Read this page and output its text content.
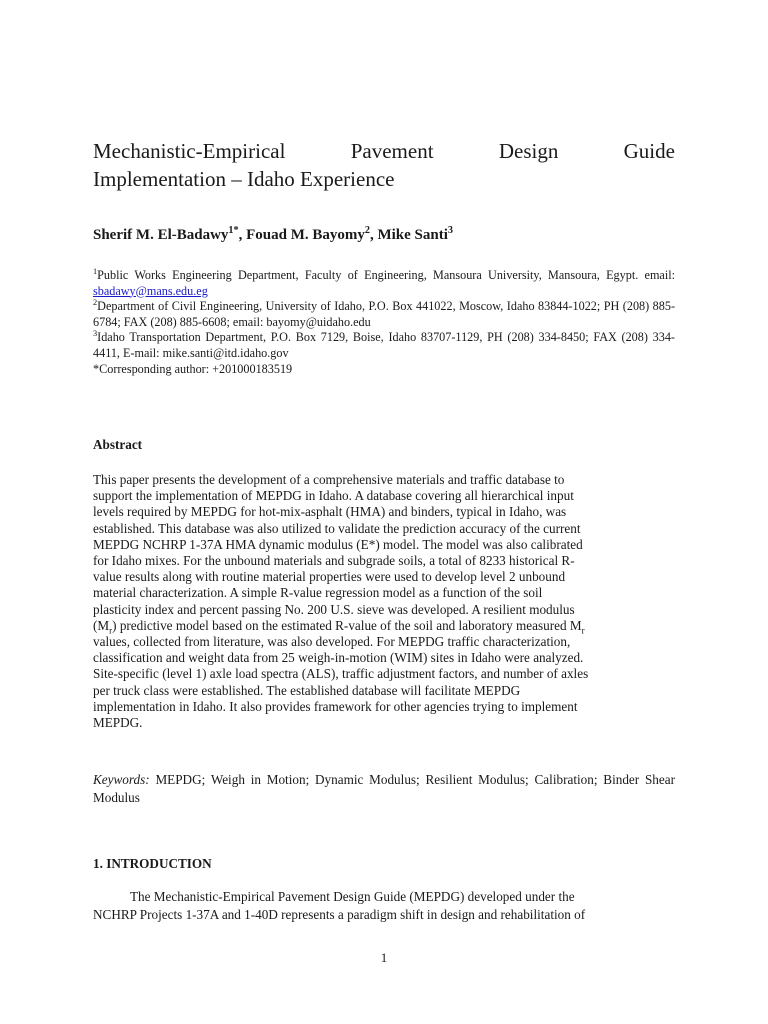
Mechanistic-Empirical	Pavement	Design	Guide
Implementation – Idaho Experience
Sherif M. El-Badawy$^{1*}$, Fouad M. Bayomy$^2$, Mike Santi$^3$
$^1$Public Works Engineering Department, Faculty of Engineering, Mansoura University, Mansoura, Egypt. email: sbadawy@mans.edu.eg
$^2$Department of Civil Engineering, University of Idaho, P.O. Box 441022, Moscow, Idaho 83844-1022; PH (208) 885-6784; FAX (208) 885-6608; email: bayomy@uidaho.edu
$^3$Idaho Transportation Department, P.O. Box 7129, Boise, Idaho 83707-1129, PH (208) 334-8450; FAX (208) 334-4411, E-mail: mike.santi@itd.idaho.gov
*Corresponding author: +201000183519
Abstract
This paper presents the development of a comprehensive materials and traffic database to
support the implementation of MEPDG in Idaho. A database covering all hierarchical input
levels required by MEPDG for hot-mix-asphalt (HMA) and binders, typical in Idaho, was
established. This database was also utilized to validate the prediction accuracy of the current
MEPDG NCHRP 1-37A HMA dynamic modulus (E*) model. The model was also calibrated
for Idaho mixes. For the unbound materials and subgrade soils, a total of 8233 historical R-
value results along with routine material properties were used to develop level 2 unbound
material characterization. A simple R-value regression model as a function of the soil
plasticity index and percent passing No. 200 U.S. sieve was developed. A resilient modulus
$(M_r)$ predictive model based on the estimated R-value of the soil and laboratory measured $M_r$
values, collected from literature, was also developed. For MEPDG traffic characterization,
classification and weight data from 25 weigh-in-motion (WIM) sites in Idaho were analyzed.
Site-specific (level 1) axle load spectra (ALS), traffic adjustment factors, and number of axles
per truck class were established. The established database will facilitate MEPDG
implementation in Idaho. It also provides framework for other agencies trying to implement
MEPDG.
Keywords: MEPDG; Weigh in Motion; Dynamic Modulus; Resilient Modulus; Calibration; Binder Shear Modulus
1. INTRODUCTION
The Mechanistic-Empirical Pavement Design Guide (MEPDG) developed under the
NCHRP Projects 1-37A and 1-40D represents a paradigm shift in design and rehabilitation of
1
